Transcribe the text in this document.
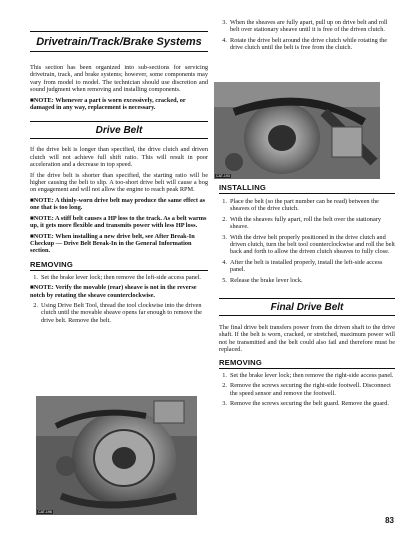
Drivetrain/Track/Brake Systems

This section has been organized into sub-sections for servicing drivetrain, track, and brake systems; however, some components may vary from model to model. The technician should use discretion and sound judgment when removing and installing components.

■NOTE: Whenever a part is worn excessively, cracked, or damaged in any way, replacement is necessary.

Drive Belt

If the drive belt is longer than specified, the drive clutch and driven clutch will not achieve full shift ratio. This will result in poor acceleration and a decrease in top speed.

If the drive belt is shorter than specified, the starting ratio will be higher causing the belt to slip. A too-short drive belt will cause a bog on engagement and will not allow the engine to reach peak RPM.

■NOTE: A thinly-worn drive belt may produce the same effect as one that is too long.

■NOTE: A stiff belt causes a HP loss to the track. As a belt warms up, it gets more flexible and transmits power with less HP loss.

■NOTE: When installing a new drive belt, see After Break-In Checkup — Drive Belt Break-In in the General Information section.

REMOVING
1. Set the brake lever lock; then remove the left-side access panel.

■NOTE: Verify the movable (rear) sheave is not in the reverse notch by rotating the sheave counterclockwise.

2. Using Drive Belt Tool, thread the tool clockwise into the driven clutch until the movable sheave opens far enough to remove the drive belt. Remove the belt.
CAT-196
3. When the sheaves are fully apart, pull up on drive belt and roll belt over stationary sheave until it is free of the driven clutch.
4. Rotate the drive belt around the drive clutch while rotating the drive clutch until the belt is free from the clutch.
CAT-193
INSTALLING
1. Place the belt (so the part number can be read) between the sheaves of the drive clutch.
2. With the sheaves fully apart, roll the belt over the stationary sheave.
3. With the drive belt properly positioned in the drive clutch and driven clutch, turn the belt tool counterclockwise and roll the belt back and forth to allow the driven clutch sheaves to fully close.
4. After the belt is installed properly, install the left-side access panel.
5. Release the brake lever lock.
Final Drive Belt

The final drive belt transfers power from the driven shaft to the drive shaft. If the belt is worn, cracked, or stretched, maximum power will not be transmitted and the belt could also fail and therefore must be replaced.

REMOVING
1. Set the brake lever lock; then remove the right-side access panel.
2. Remove the screws securing the right-side footwell. Disconnect the speed sensor and remove the footwell.
3. Remove the screws securing the belt guard. Remove the guard.
83
